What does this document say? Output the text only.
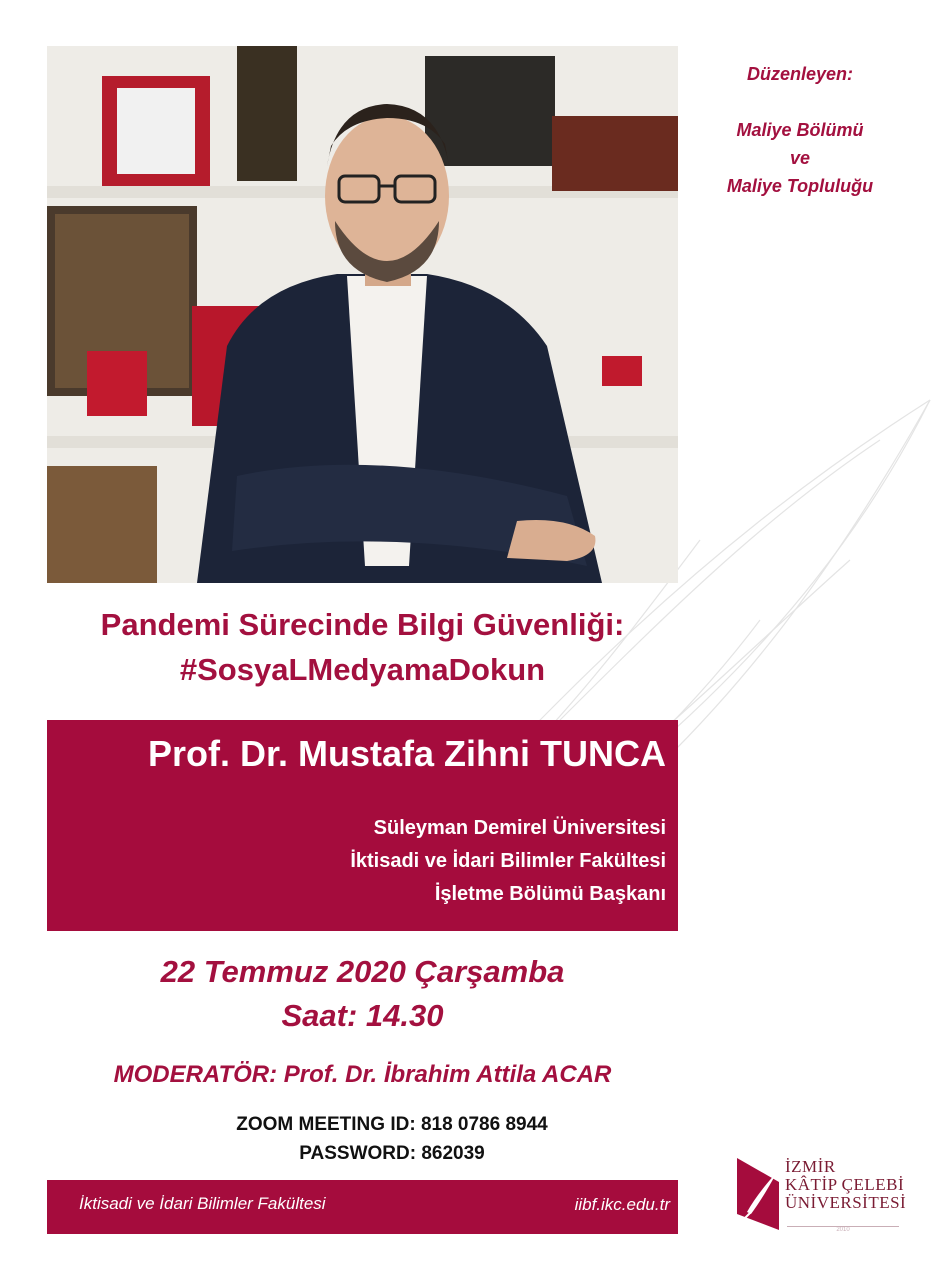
Düzenleyen:
Maliye Bölümü
ve
Maliye Topluluğu
Pandemi Sürecinde Bilgi Güvenliği:
#SosyaLMedyamaDokun
Prof. Dr. Mustafa Zihni TUNCA
Süleyman Demirel Üniversitesi
İktisadi ve İdari Bilimler Fakültesi
İşletme Bölümü Başkanı
22 Temmuz 2020 Çarşamba
Saat: 14.30
MODERATÖR: Prof. Dr. İbrahim Attila ACAR
ZOOM MEETING ID: 818 0786 8944
PASSWORD: 862039
İktisadi ve İdari Bilimler Fakültesi	iibf.ikc.edu.tr
İZMİR
KÂTİP ÇELEBİ
ÜNİVERSİTESİ
2010
